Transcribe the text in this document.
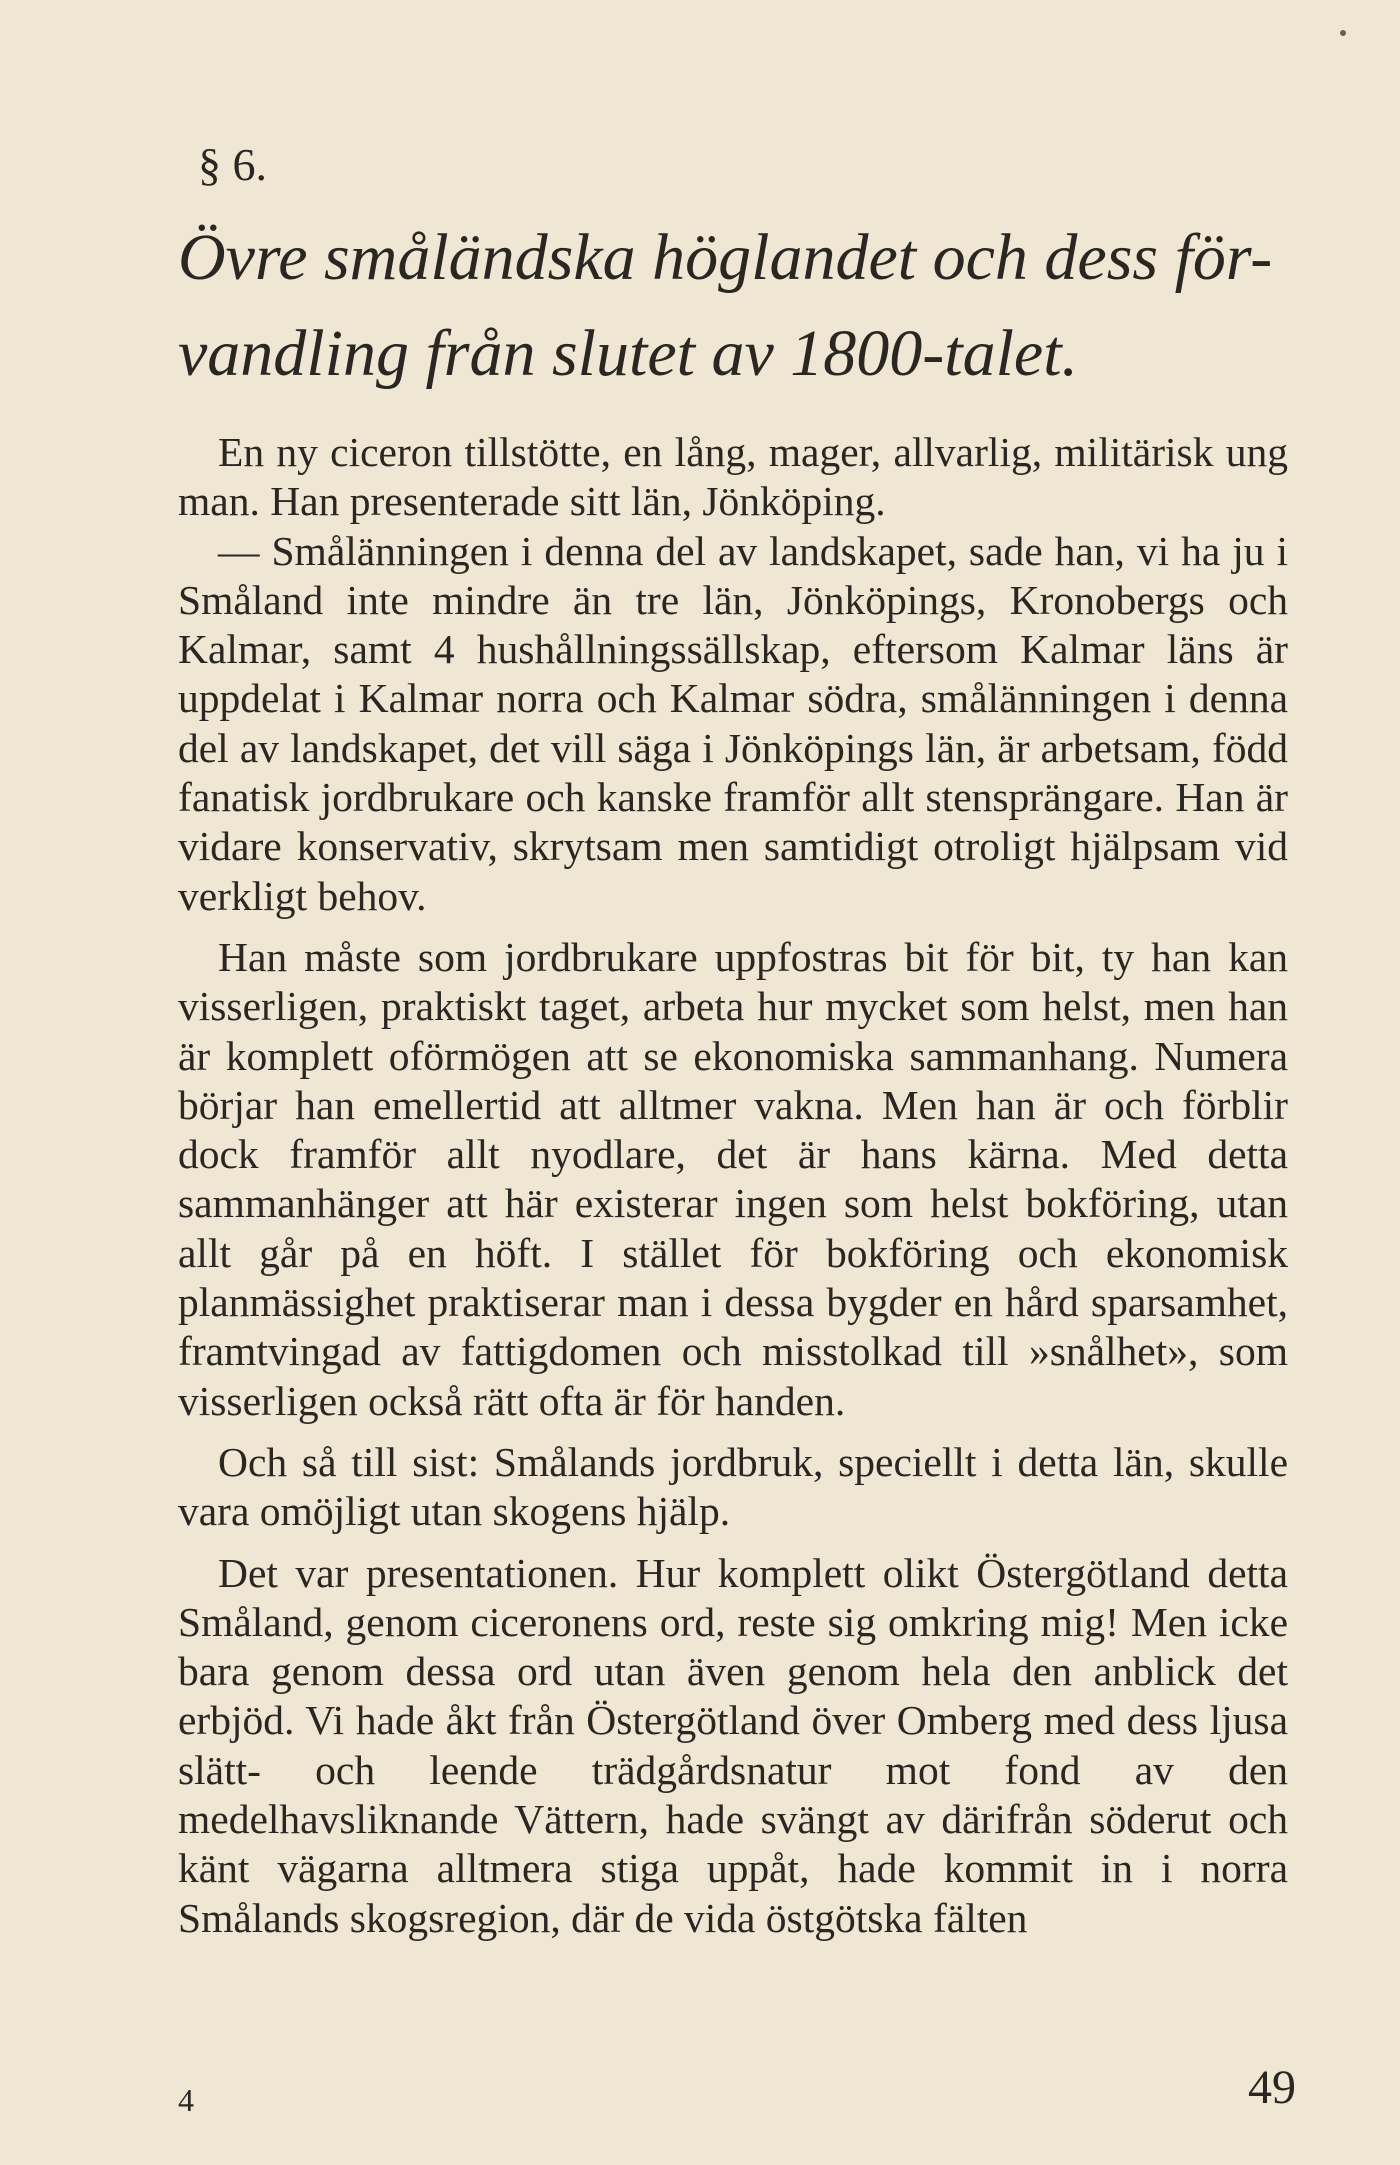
§ 6.
Övre småländska höglandet och dess för-
vandling från slutet av 1800-talet.

En ny ciceron tillstötte, en lång, mager, allvarlig, militärisk ung man. Han presenterade sitt län, Jönköping.

— Smålänningen i denna del av landskapet, sade han, vi ha ju i Småland inte mindre än tre län, Jönköpings, Kronobergs och Kalmar, samt 4 hushållningssällskap, eftersom Kalmar läns är uppdelat i Kalmar norra och Kalmar södra, smålänningen i denna del av landskapet, det vill säga i Jönköpings län, är arbetsam, född fanatisk jordbrukare och kanske framför allt stensprängare. Han är vidare konservativ, skrytsam men samtidigt otroligt hjälpsam vid verkligt behov.

Han måste som jordbrukare uppfostras bit för bit, ty han kan visserligen, praktiskt taget, arbeta hur mycket som helst, men han är komplett oförmögen att se ekonomiska sammanhang. Numera börjar han emellertid att alltmer vakna. Men han är och förblir dock framför allt nyodlare, det är hans kärna. Med detta sammanhänger att här existerar ingen som helst bokföring, utan allt går på en höft. I stället för bokföring och ekonomisk planmässighet praktiserar man i dessa bygder en hård sparsamhet, framtvingad av fattigdomen och misstolkad till »snålhet», som visserligen också rätt ofta är för handen.

Och så till sist: Smålands jordbruk, speciellt i detta län, skulle vara omöjligt utan skogens hjälp.

Det var presentationen. Hur komplett olikt Östergötland detta Småland, genom ciceronens ord, reste sig omkring mig! Men icke bara genom dessa ord utan även genom hela den anblick det erbjöd. Vi hade åkt från Östergötland över Omberg med dess ljusa slätt- och leende trädgårdsnatur mot fond av den medelhavsliknande Vättern, hade svängt av därifrån söderut och känt vägarna alltmera stiga uppåt, hade kommit in i norra Smålands skogsregion, där de vida östgötska fälten

4	49
